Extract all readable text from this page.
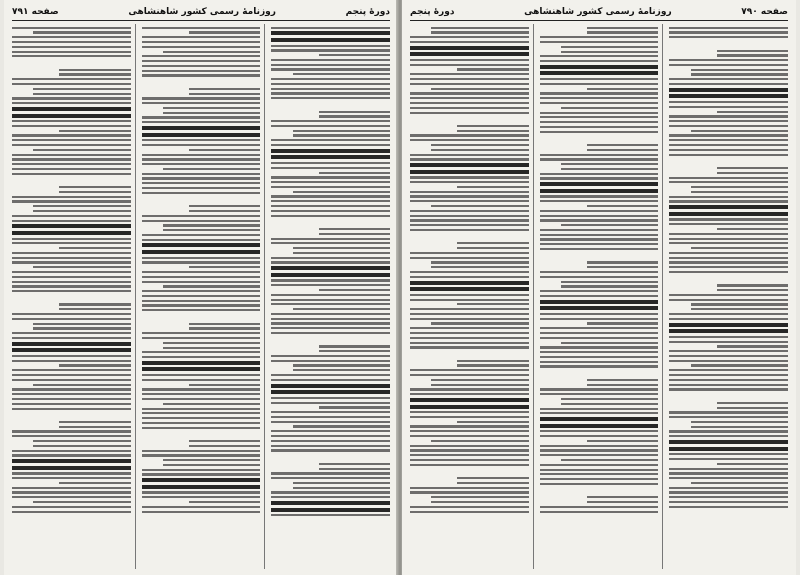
دورهٔ پنجم
روزنامهٔ رسمی کشور شاهنشاهی
صفحه ۷۹۱	صفحه ۷۹۰
روزنامهٔ رسمی کشور شاهنشاهی
دورهٔ پنجم
